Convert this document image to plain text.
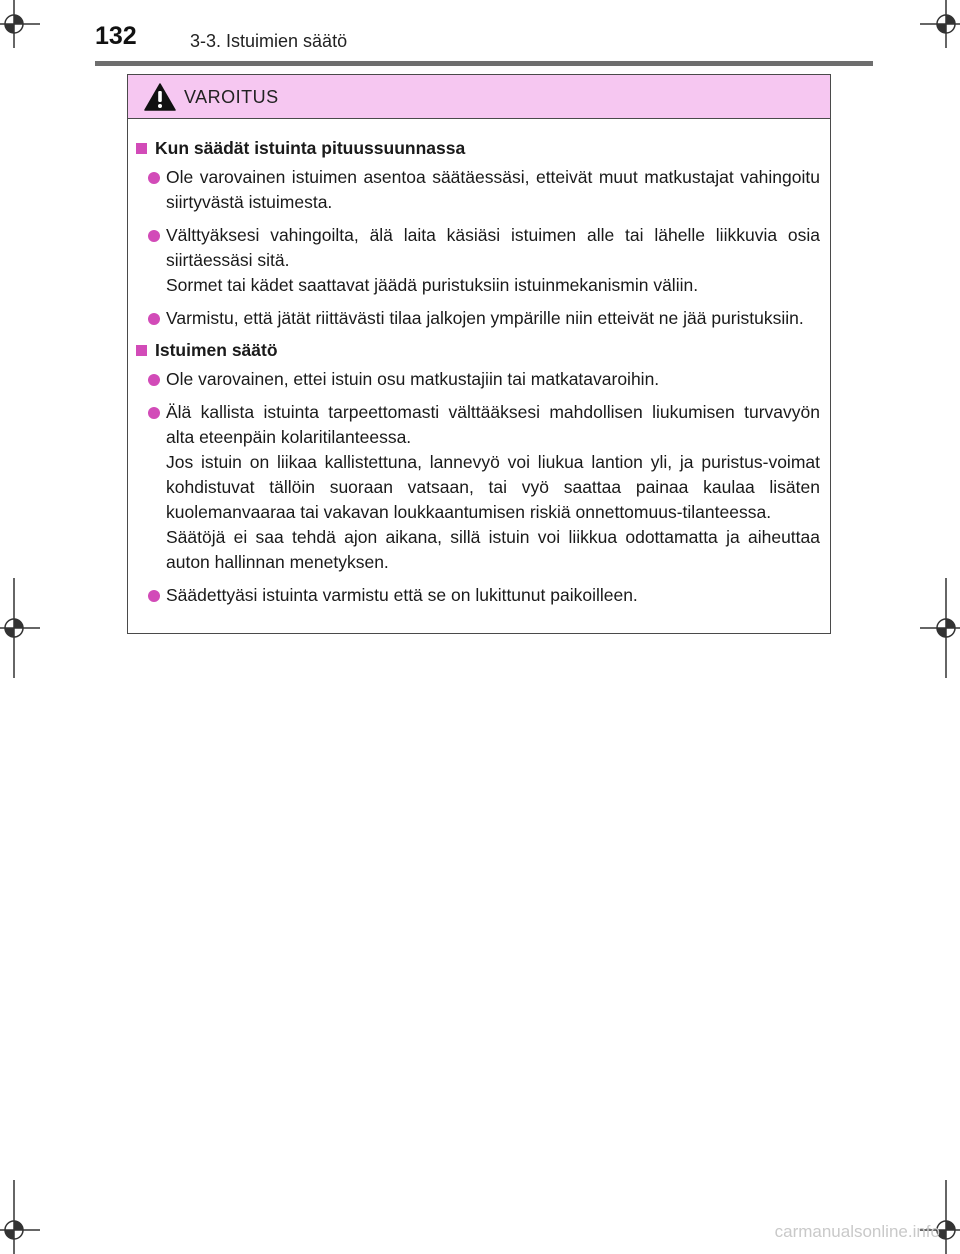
132	3-3. Istuimien säätö
VAROITUS
Kun säädät istuinta pituussuunnassa
Ole varovainen istuimen asentoa säätäessäsi, etteivät muut matkustajat vahingoitu siirtyvästä istuimesta.
Välttyäksesi vahingoilta, älä laita käsiäsi istuimen alle tai lähelle liikkuvia osia siirtäessäsi sitä.
Sormet tai kädet saattavat jäädä puristuksiin istuinmekanismin väliin.
Varmistu, että jätät riittävästi tilaa jalkojen ympärille niin etteivät ne jää puristuksiin.
Istuimen säätö
Ole varovainen, ettei istuin osu matkustajiin tai matkatavaroihin.
Älä kallista istuinta tarpeettomasti välttääksesi mahdollisen liukumisen turvavyön alta eteenpäin kolaritilanteessa.
Jos istuin on liikaa kallistettuna, lannevyö voi liukua lantion yli, ja puristus-voimat kohdistuvat tällöin suoraan vatsaan, tai vyö saattaa painaa kaulaa lisäten kuolemanvaaraa tai vakavan loukkaantumisen riskiä onnettomuus-tilanteessa.
Säätöjä ei saa tehdä ajon aikana, sillä istuin voi liikkua odottamatta ja aiheuttaa auton hallinnan menetyksen.
Säädettyäsi istuinta varmistu että se on lukittunut paikoilleen.
carmanualsonline.info
